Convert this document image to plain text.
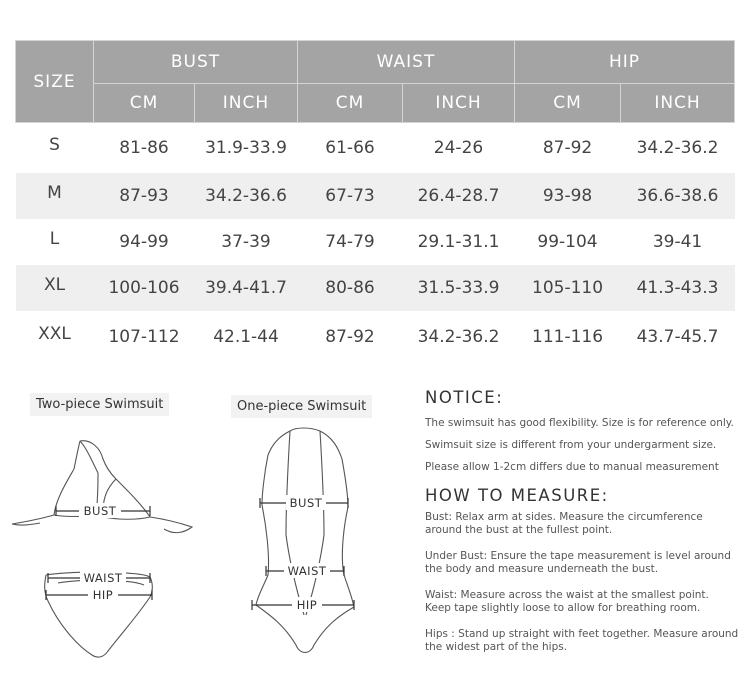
SIZE	BUST		WAIST		HIP	
	CM	INCH	CM	INCH	CM	INCH
S	81-86	31.9-33.9	61-66	24-26	87-92	34.2-36.2
M	87-93	34.2-36.6	67-73	26.4-28.7	93-98	36.6-38.6
L	94-99	37-39	74-79	29.1-31.1	99-104	39-41
XL	100-106	39.4-41.7	80-86	31.5-33.9	105-110	41.3-43.3
XXL	107-112	42.1-44	87-92	34.2-36.2	111-116	43.7-45.7
Two-piece Swimsuit	One-piece Swimsuit
BUST
WAIST
HIP
BUST
WAIST
HIP
NOTICE:
The swimsuit has good flexibility. Size is for reference only.
Swimsuit size is different from your undergarment size.
Please allow 1-2cm differs due to manual measurement
HOW TO MEASURE:
Bust: Relax arm at sides. Measure the circumference
around the bust at the fullest point.
Under Bust: Ensure the tape measurement is level around
the body and measure underneath the bust.
Waist: Measure across the waist at the smallest point.
Keep tape slightly loose to allow for breathing room.
Hips : Stand up straight with feet together. Measure around
the widest part of the hips.
